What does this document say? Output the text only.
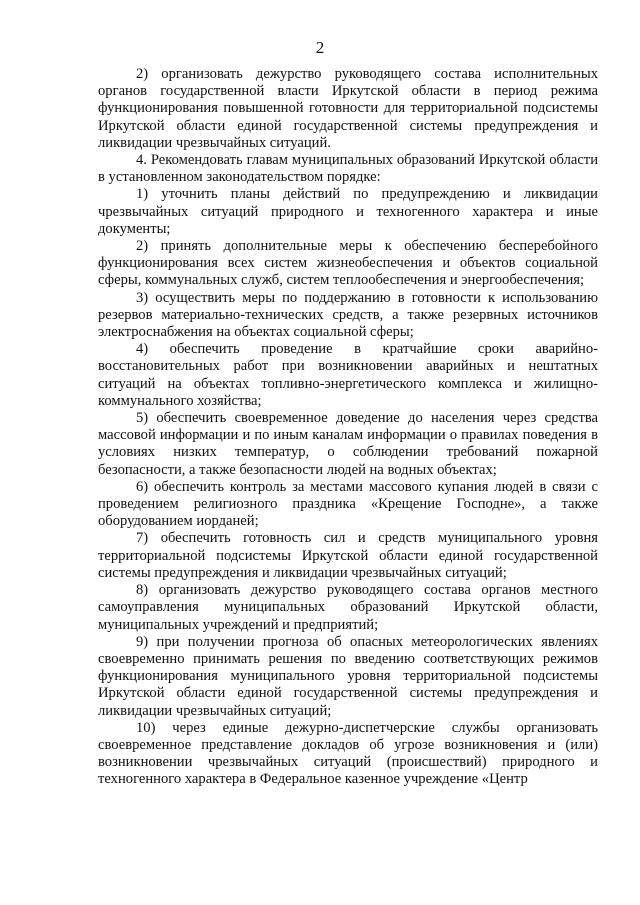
2

2) организовать дежурство руководящего состава исполнительных органов государственной власти Иркутской области в период режима функционирования повышенной готовности для территориальной подсистемы Иркутской области единой государственной системы предупреждения и ликвидации чрезвычайных ситуаций.

4. Рекомендовать главам муниципальных образований Иркутской области в установленном законодательством порядке:

1) уточнить планы действий по предупреждению и ликвидации чрезвычайных ситуаций природного и техногенного характера и иные документы;

2) принять дополнительные меры к обеспечению бесперебойного функционирования всех систем жизнеобеспечения и объектов социальной сферы, коммунальных служб, систем теплообеспечения и энергообеспечения;

3) осуществить меры по поддержанию в готовности к использованию резервов материально-технических средств, а также резервных источников электроснабжения на объектах социальной сферы;

4) обеспечить проведение в кратчайшие сроки аварийно-восстановительных работ при возникновении аварийных и нештатных ситуаций на объектах топливно-энергетического комплекса и жилищно-коммунального хозяйства;

5) обеспечить своевременное доведение до населения через средства массовой информации и по иным каналам информации о правилах поведения в условиях низких температур, о соблюдении требований пожарной безопасности, а также безопасности людей на водных объектах;

6) обеспечить контроль за местами массового купания людей в связи с проведением религиозного праздника «Крещение Господне», а также оборудованием иорданей;

7) обеспечить готовность сил и средств муниципального уровня территориальной подсистемы Иркутской области единой государственной системы предупреждения и ликвидации чрезвычайных ситуаций;

8) организовать дежурство руководящего состава органов местного самоуправления муниципальных образований Иркутской области, муниципальных учреждений и предприятий;

9) при получении прогноза об опасных метеорологических явлениях своевременно принимать решения по введению соответствующих режимов функционирования муниципального уровня территориальной подсистемы Иркутской области единой государственной системы предупреждения и ликвидации чрезвычайных ситуаций;

10) через единые дежурно-диспетчерские службы организовать своевременное представление докладов об угрозе возникновения и (или) возникновении чрезвычайных ситуаций (происшествий) природного и техногенного характера в Федеральное казенное учреждение «Центр
